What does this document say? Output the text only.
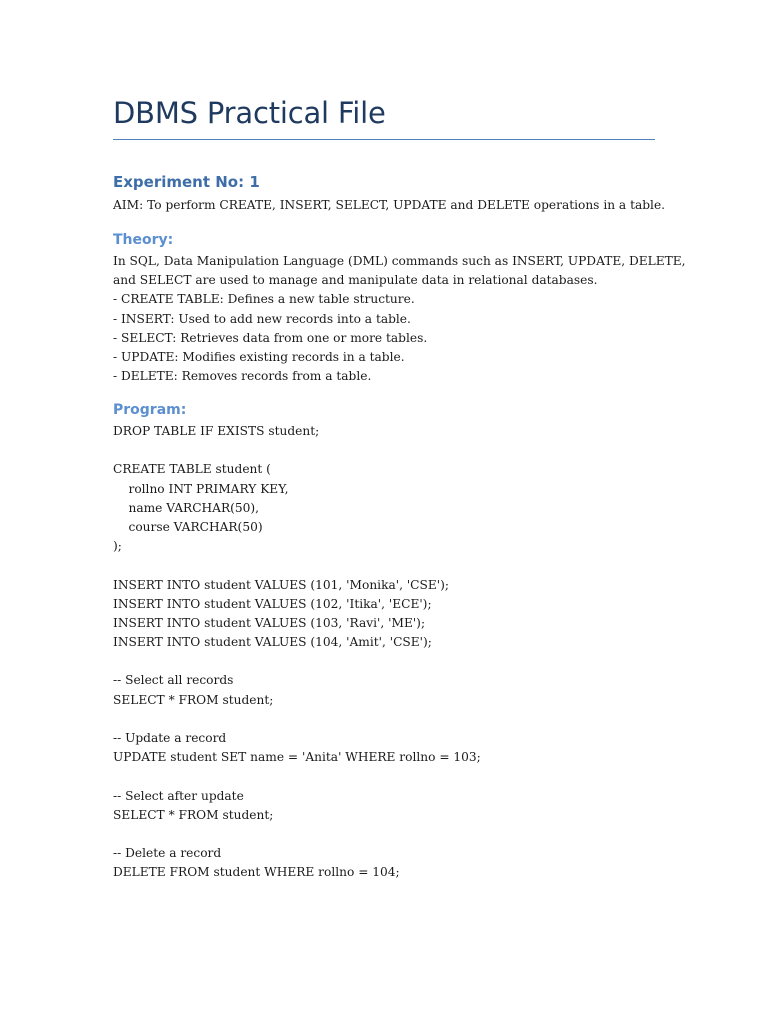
DBMS Practical File
Experiment No: 1

AIM: To perform CREATE, INSERT, SELECT, UPDATE and DELETE operations in a table.

Theory:
In SQL, Data Manipulation Language (DML) commands such as INSERT, UPDATE, DELETE,
and SELECT are used to manage and manipulate data in relational databases.
- CREATE TABLE: Defines a new table structure.
- INSERT: Used to add new records into a table.
- SELECT: Retrieves data from one or more tables.
- UPDATE: Modifies existing records in a table.
- DELETE: Removes records from a table.
Program:
DROP TABLE IF EXISTS student;
CREATE TABLE student (
rollno INT PRIMARY KEY,
name VARCHAR(50),
course VARCHAR(50)
);
INSERT INTO student VALUES (101, 'Monika', 'CSE');
INSERT INTO student VALUES (102, 'Itika', 'ECE');
INSERT INTO student VALUES (103, 'Ravi', 'ME');
INSERT INTO student VALUES (104, 'Amit', 'CSE');
-- Select all records
SELECT * FROM student;
-- Update a record
UPDATE student SET name = 'Anita' WHERE rollno = 103;
-- Select after update
SELECT * FROM student;
-- Delete a record
DELETE FROM student WHERE rollno = 104;
